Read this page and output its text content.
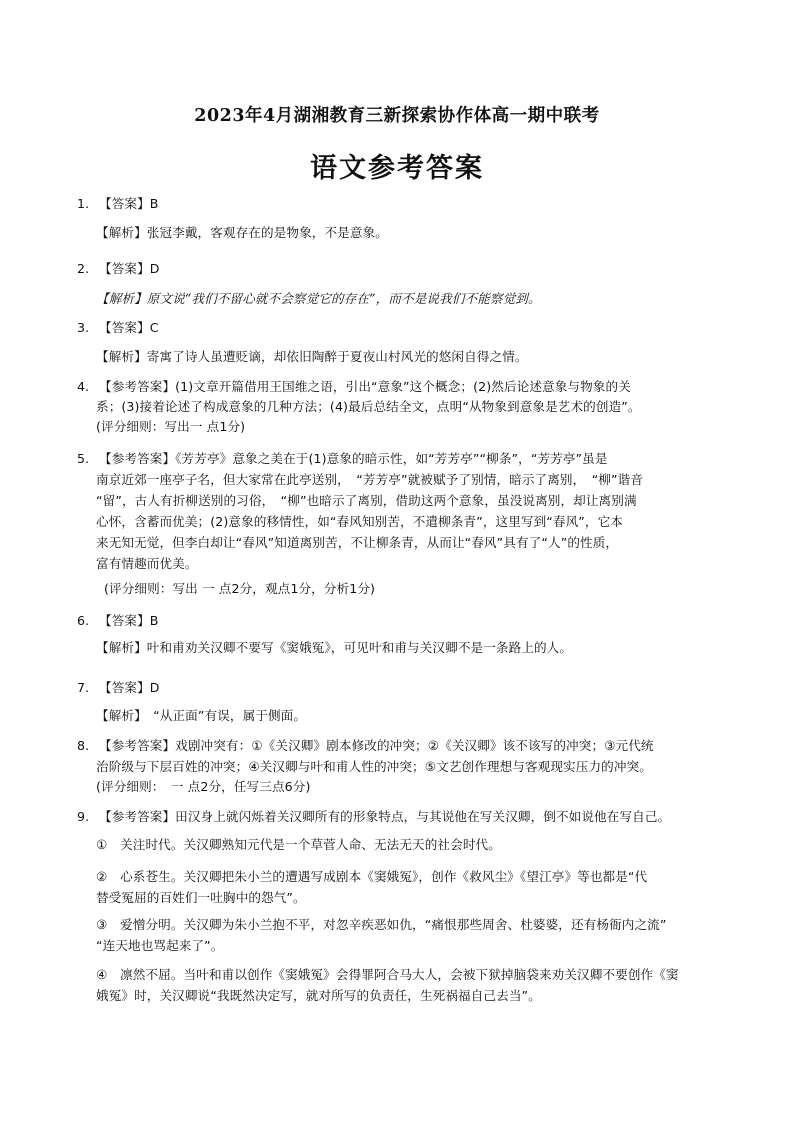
2023年4月湖湘教育三新探索协作体高一期中联考
语文参考答案
1. 【答案】B
【解析】张冠李戴，客观存在的是物象，不是意象。
2. 【答案】D
【解析】原文说“我们不留心就不会察觉它的存在”，而不是说我们不能察觉到。
3. 【答案】C
【解析】寄寓了诗人虽遭贬谪，却依旧陶醉于夏夜山村风光的悠闲自得之情。
4. 【参考答案】(1)文章开篇借用王国维之语，引出“意象”这个概念；(2)然后论述意象与物象的关
系；(3)接着论述了构成意象的几种方法；(4)最后总结全文，点明“从物象到意象是艺术的创造”。
(评分细则：写出一 点1分)
5. 【参考答案】《芳芳亭》意象之美在于(1)意象的暗示性，如“芳芳亭”“柳条”，“芳芳亭”虽是
南京近郊一座亭子名，但大家常在此亭送别，　“芳芳亭”就被赋予了别情，暗示了离别，　“柳”谐音
“留”，古人有折柳送别的习俗，　“柳”也暗示了离别，借助这两个意象，虽没说离别，却让离别满
心怀，含蓄而优美；(2)意象的移情性，如“春风知别苦，不遣柳条青”，这里写到“春风”，它本
来无知无觉，但李白却让“春风”知道离别苦，不让柳条青，从而让“春风”具有了“人”的性质，
富有情趣而优美。
(评分细则：写出 一 点2分，观点1分，分析1分)
6. 【答案】B
【解析】叶和甫劝关汉卿不要写《窦娥冤》，可见叶和甫与关汉卿不是一条路上的人。
7. 【答案】D
【解析】　“从正面”有误，属于侧面。
8. 【参考答案】戏剧冲突有：①《关汉卿》剧本修改的冲突；②《关汉卿》该不该写的冲突；③元代统
治阶级与下层百姓的冲突；④关汉卿与叶和甫人性的冲突；⑤文艺创作理想与客观现实压力的冲突。
(评分细则：　一 点2分，任写三点6分)
9. 【参考答案】田汉身上就闪烁着关汉卿所有的形象特点，与其说他在写关汉卿，倒不如说他在写自己。
①　关注时代。关汉卿熟知元代是一个草菅人命、无法无天的社会时代。
②　心系苍生。关汉卿把朱小兰的遭遇写成剧本《窦娥冤》，创作《救风尘》《望江亭》等也都是“代
替受冤屈的百姓们一吐胸中的怨气”。
③　爱憎分明。关汉卿为朱小兰抱不平，对忽辛疾恶如仇，“痛恨那些周舍、杜婆婆，还有杨衙内之流”
“连天地也骂起来了”。
④　凛然不屈。当叶和甫以创作《窦娥冤》会得罪阿合马大人，会被下狱掉脑袋来劝关汉卿不要创作《窦
娥冤》时，关汉卿说“我既然决定写，就对所写的负责任，生死祸福自己去当”。
